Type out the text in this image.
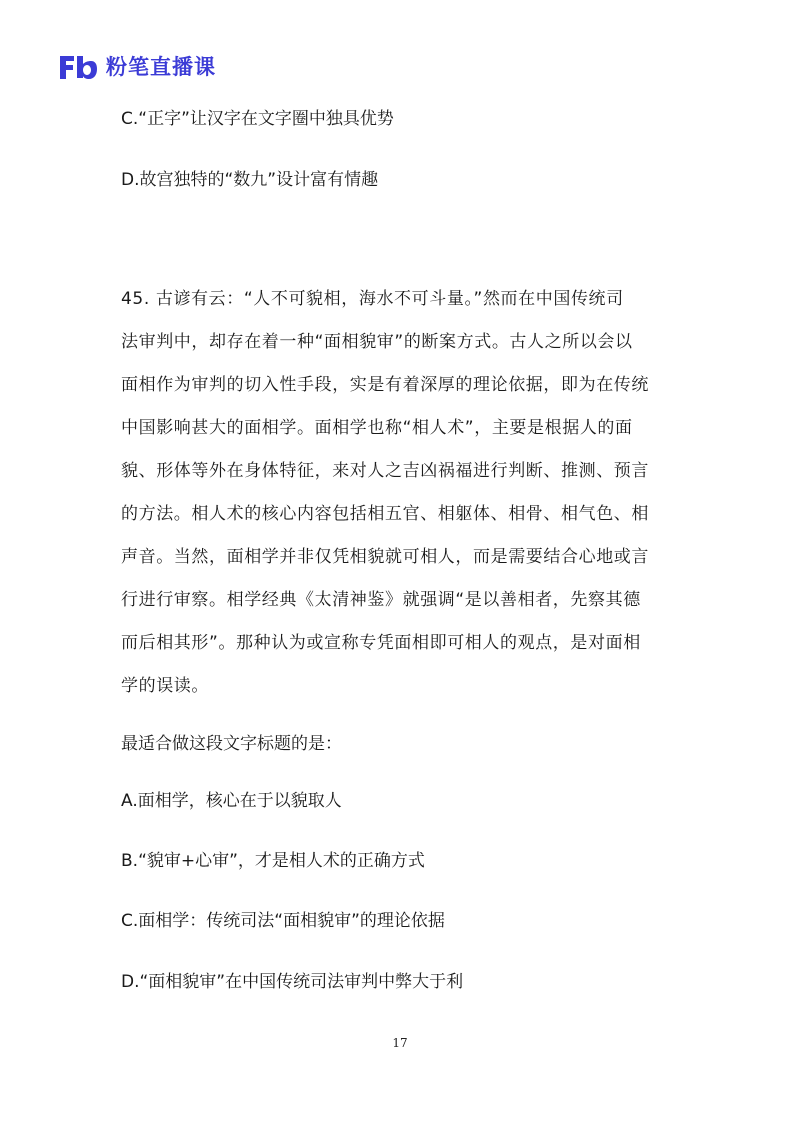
粉笔直播课
C.“正字”让汉字在文字圈中独具优势
D.故宫独特的“数九”设计富有情趣
45. 古谚有云：“人不可貌相，海水不可斗量。”然而在中国传统司
法审判中，却存在着一种“面相貌审”的断案方式。古人之所以会以
面相作为审判的切入性手段，实是有着深厚的理论依据，即为在传统
中国影响甚大的面相学。面相学也称“相人术”，主要是根据人的面
貌、形体等外在身体特征，来对人之吉凶祸福进行判断、推测、预言
的方法。相人术的核心内容包括相五官、相躯体、相骨、相气色、相
声音。当然，面相学并非仅凭相貌就可相人，而是需要结合心地或言
行进行审察。相学经典《太清神鉴》就强调“是以善相者，先察其德
而后相其形”。那种认为或宣称专凭面相即可相人的观点，是对面相
学的误读。
最适合做这段文字标题的是：
A.面相学，核心在于以貌取人
B.“貌审+心审”，才是相人术的正确方式
C.面相学：传统司法“面相貌审”的理论依据
D.“面相貌审”在中国传统司法审判中弊大于利
17
